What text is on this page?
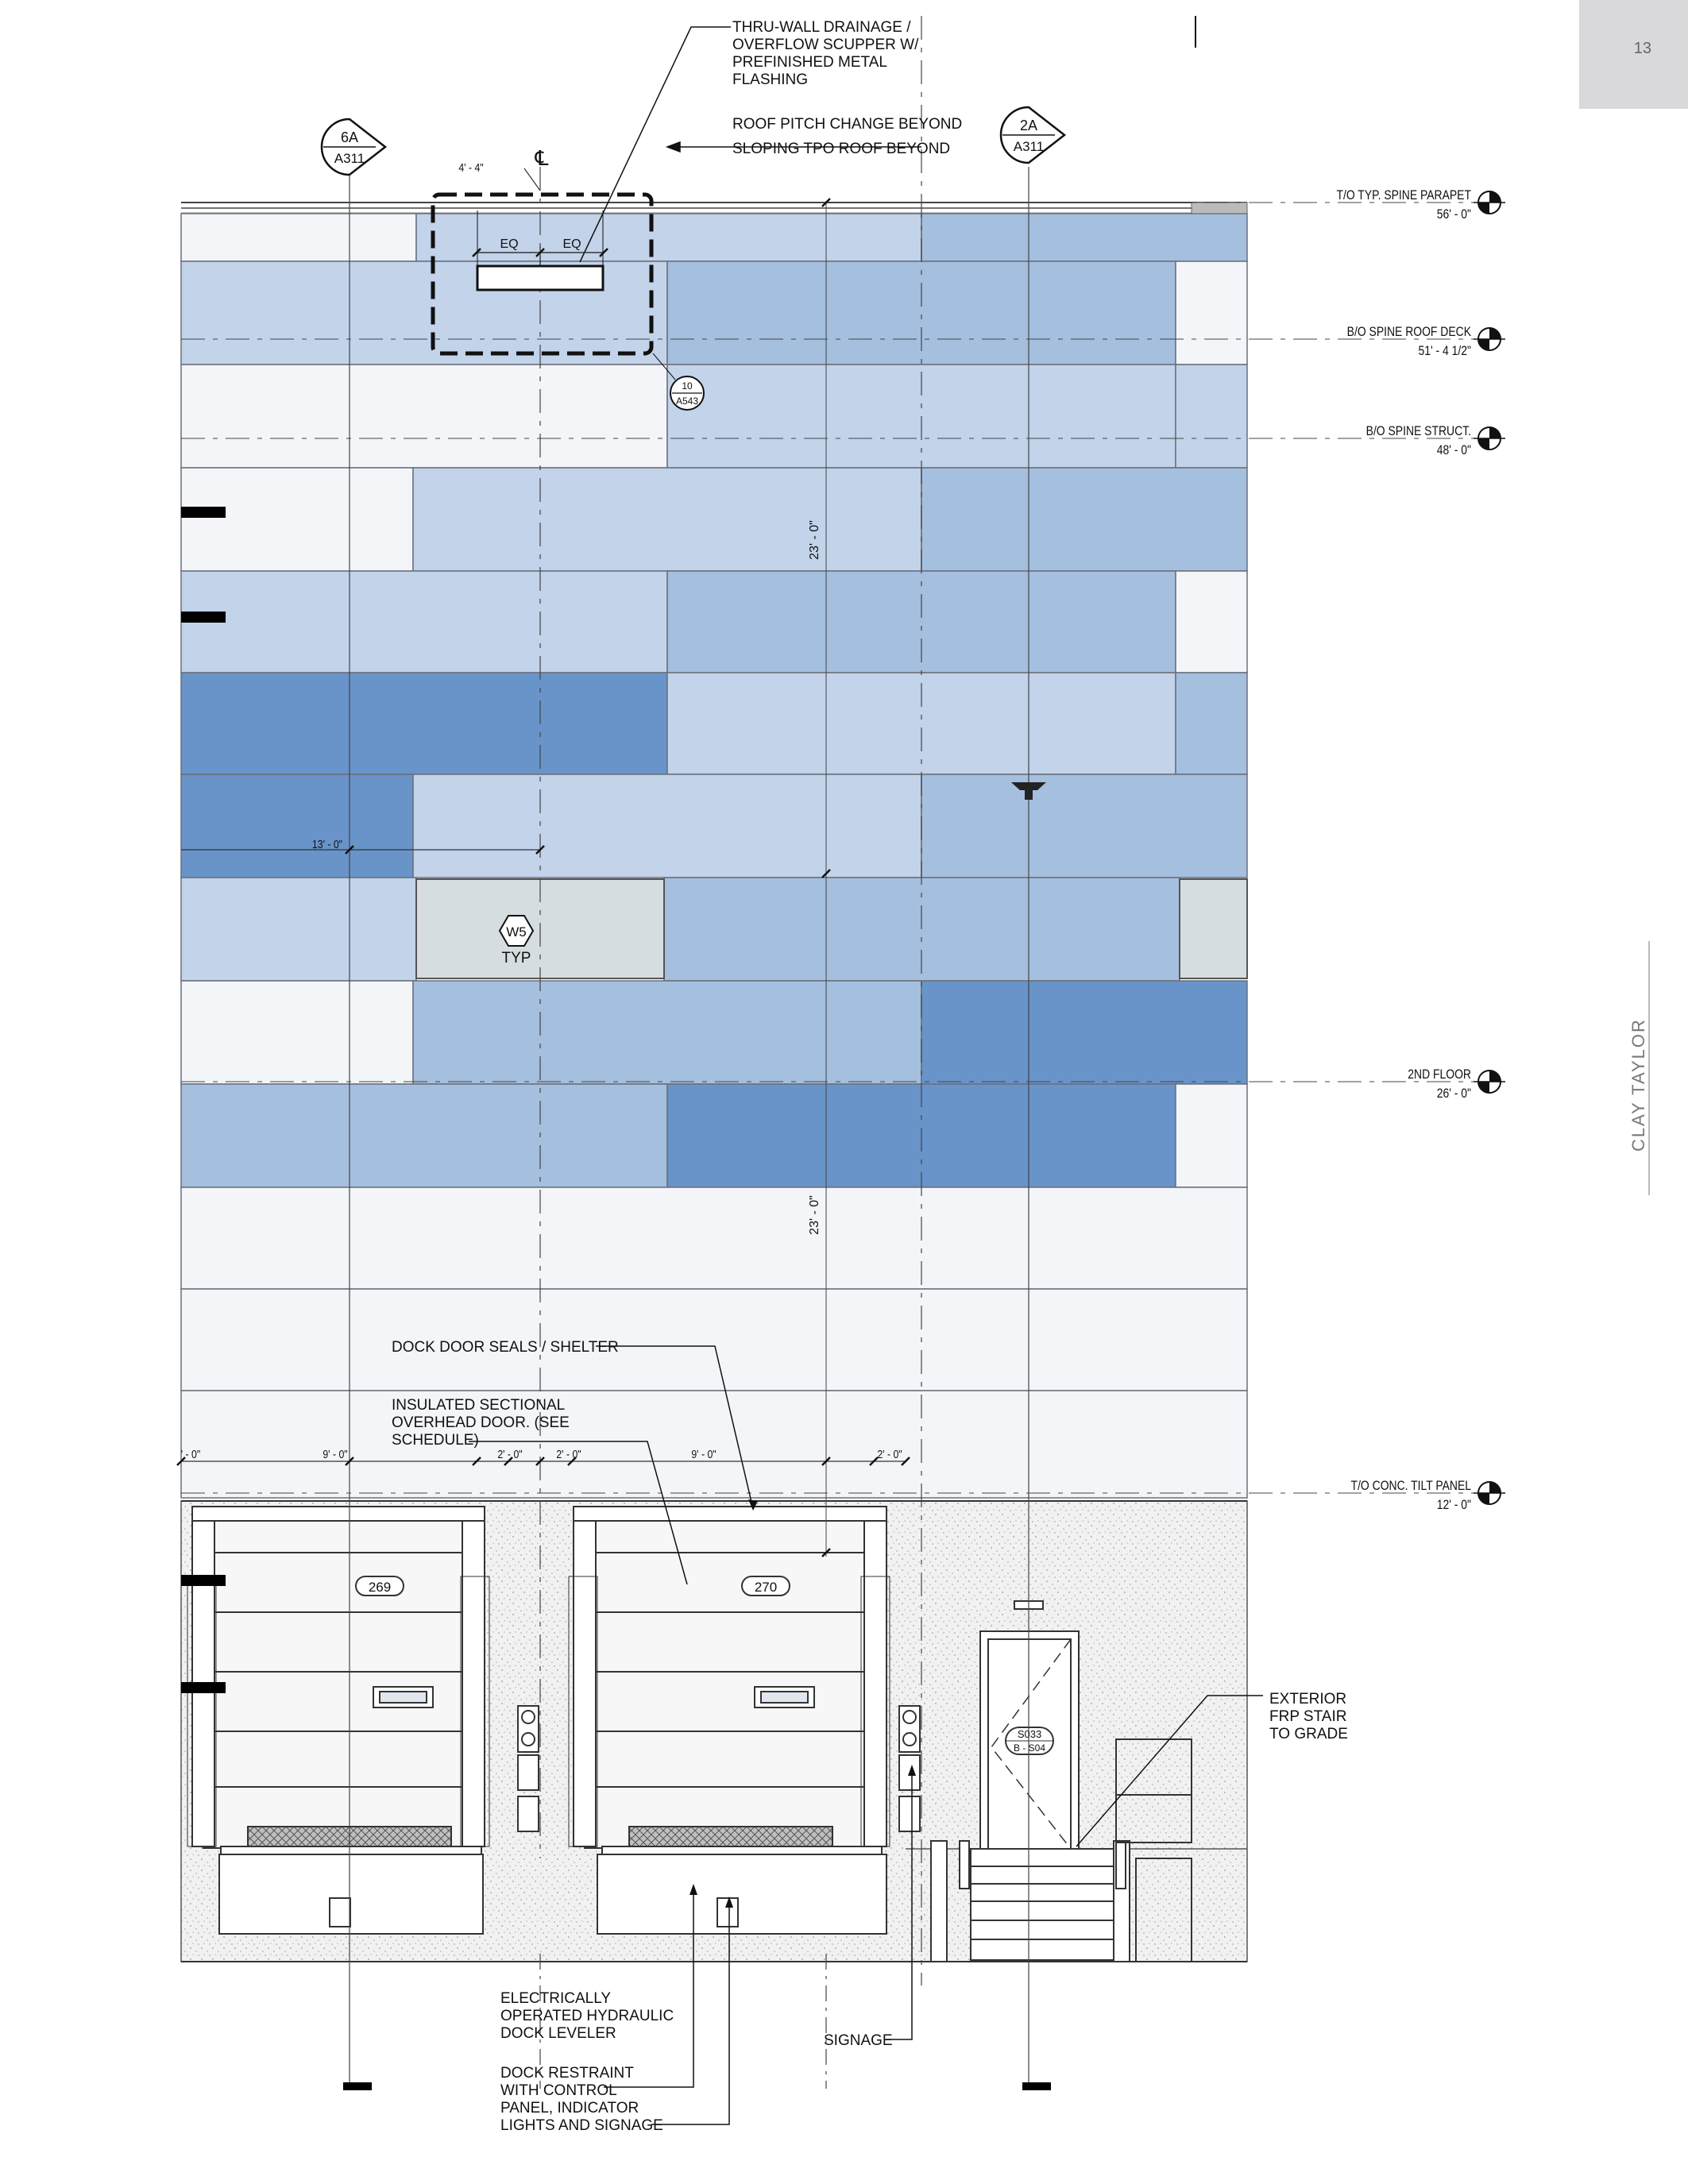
13
CLAY TAYLOR
THRU-WALL DRAINAGE /
OVERFLOW SCUPPER W/
PREFINISHED METAL
FLASHING
ROOF PITCH CHANGE BEYOND
SLOPING TPO ROOF BEYOND
DOCK DOOR SEALS / SHELTER
INSULATED SECTIONAL
OVERHEAD DOOR. (SEE
SCHEDULE)
ELECTRICALLY
OPERATED HYDRAULIC
DOCK LEVELER
DOCK RESTRAINT
WITH CONTROL
PANEL, INDICATOR
LIGHTS AND SIGNAGE
SIGNAGE
EXTERIOR
FRP STAIR
TO GRADE
T/O TYP. SPINE PARAPET
56' - 0"
B/O SPINE ROOF DECK
51' - 4 1/2"
B/O SPINE STRUCT.
48' - 0"
2ND FLOOR
26' - 0"
T/O CONC. TILT PANEL
12' - 0"
6A
A311
2A
A311
℄
4' - 4"
EQ	EQ
23' - 0"
23' - 0"
13' - 0"
' - 0"	9' - 0"	2' - 0"	2' - 0"	9' - 0"	2' - 0"
10
A543
W5
TYP
269	270
S033
B - S04
